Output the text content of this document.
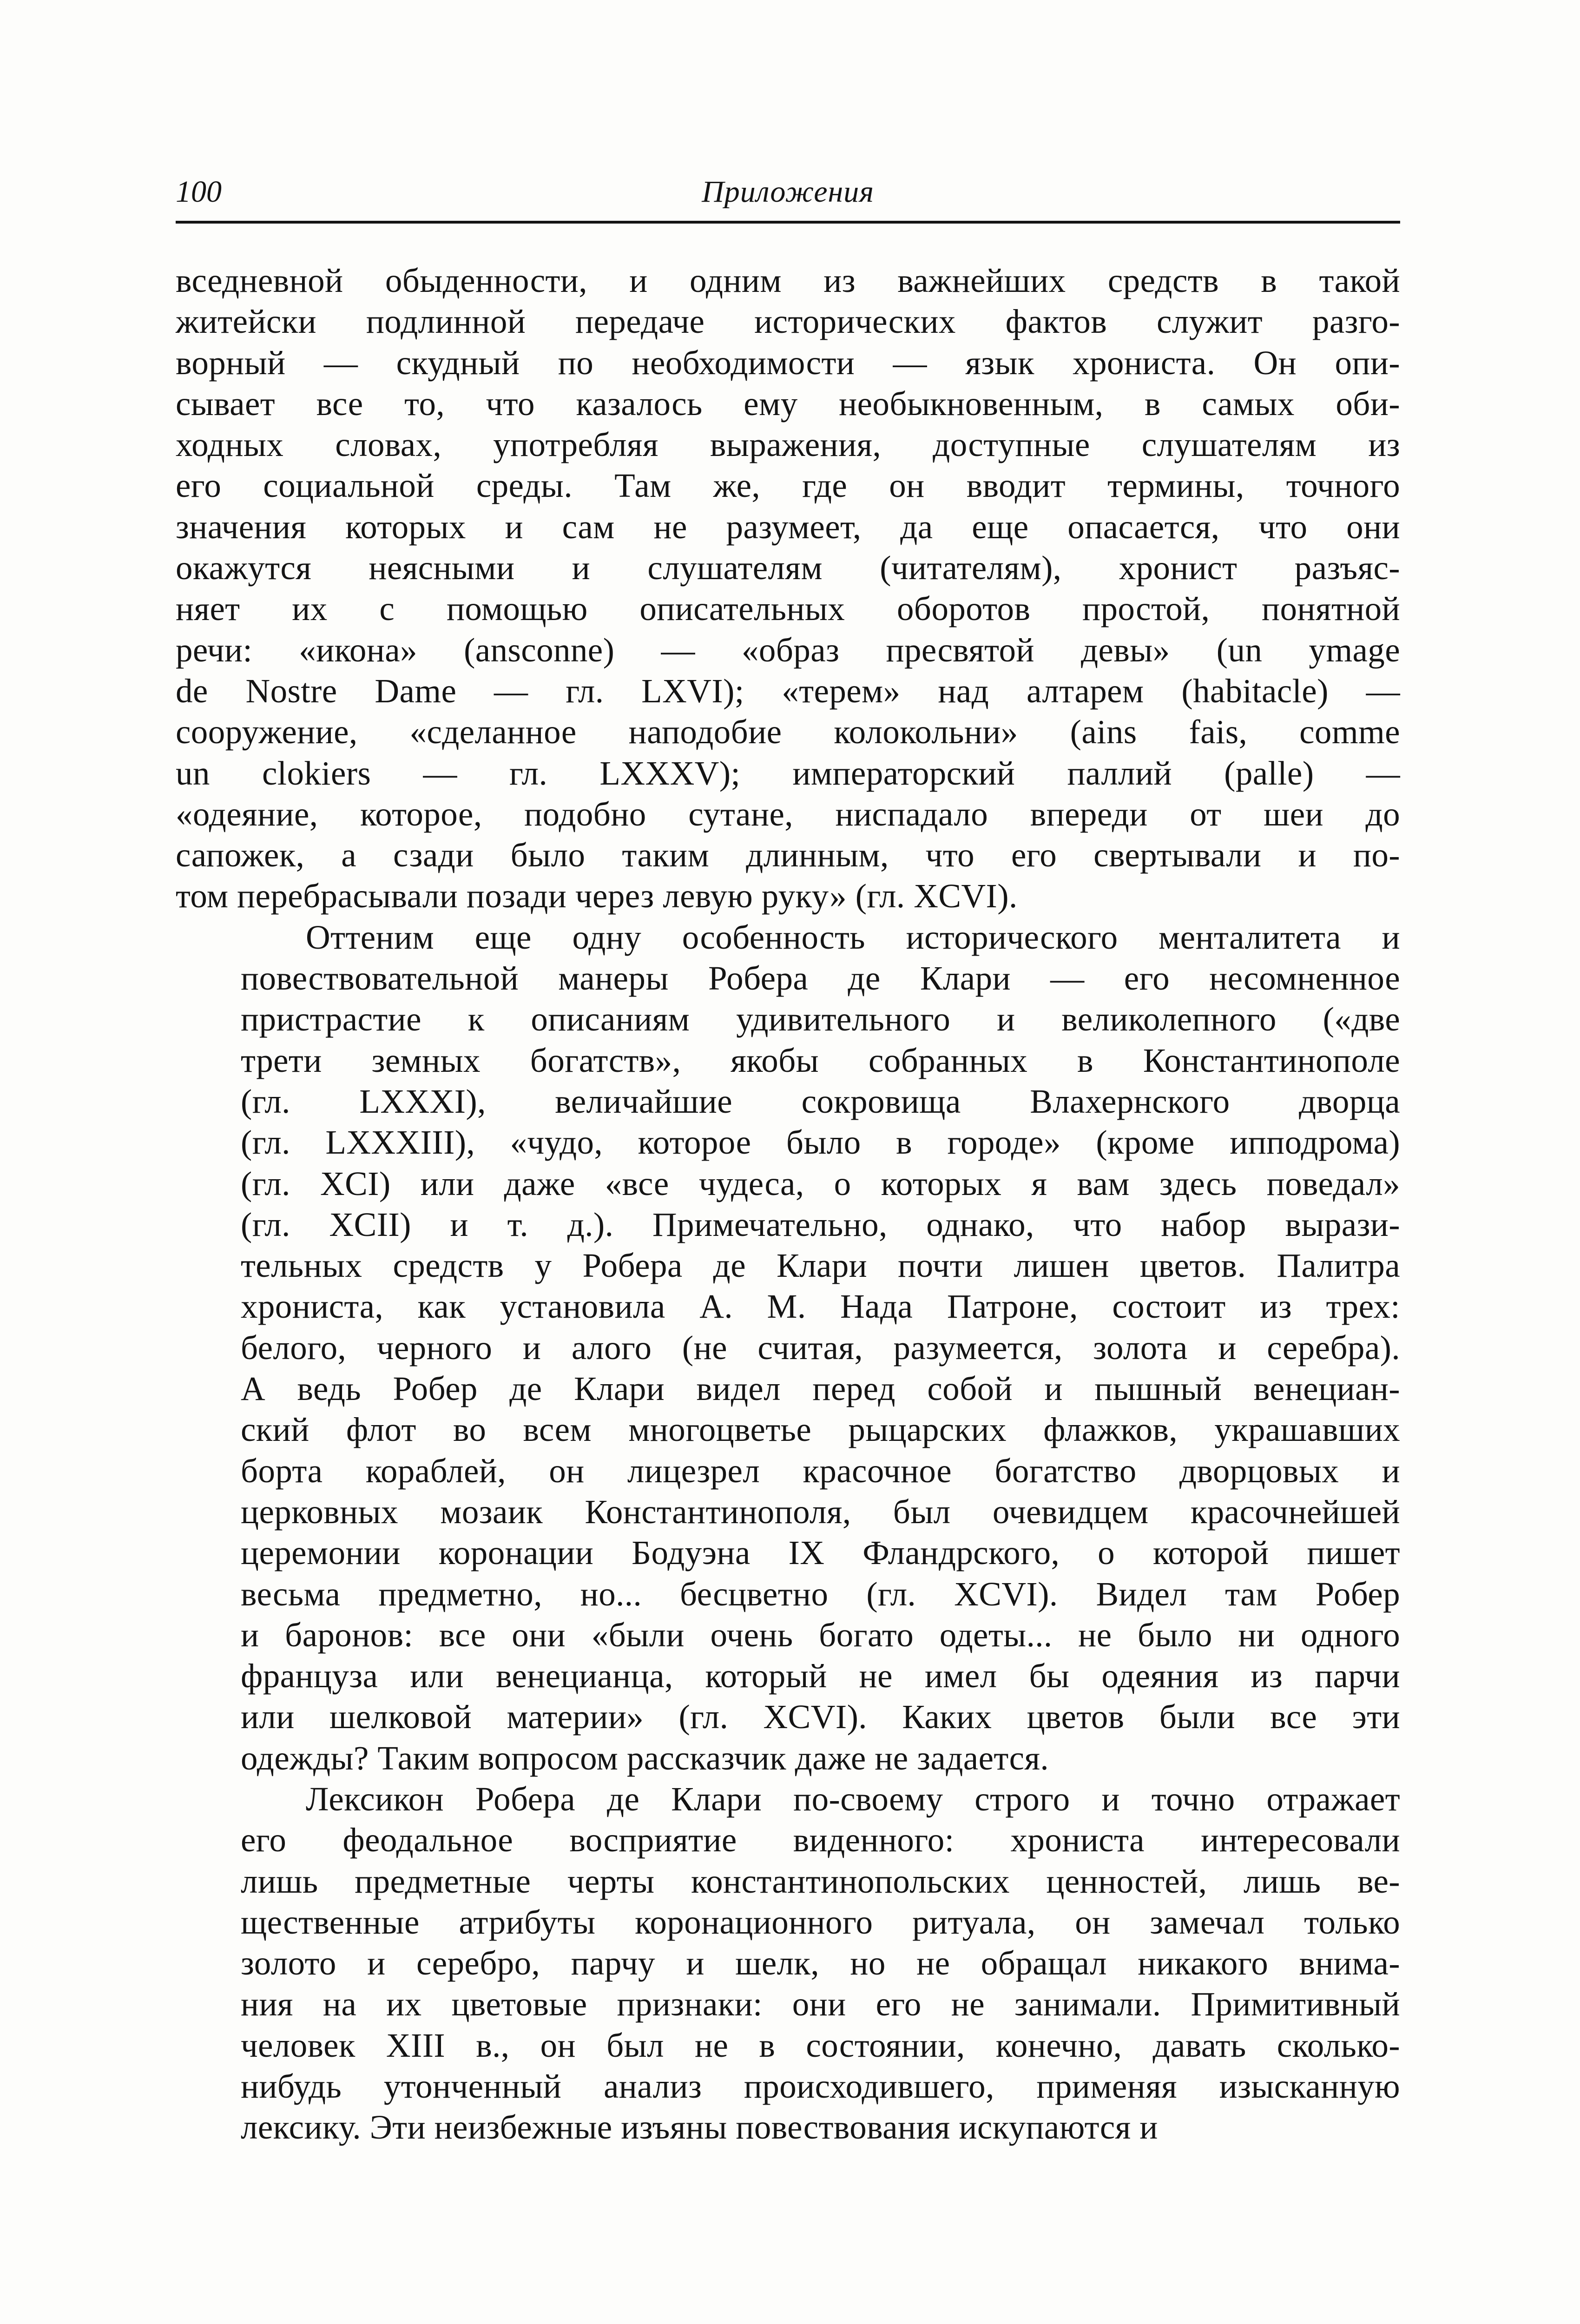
100	Приложения
вседневной обыденности, и одним из важнейших средств в такой
житейски подлинной передаче исторических фактов служит разго-
ворный — скудный по необходимости — язык хрониста. Он опи-
сывает все то, что казалось ему необыкновенным, в самых оби-
ходных словах, употребляя выражения, доступные слушателям из
его социальной среды. Там же, где он вводит термины, точного
значения которых и сам не разумеет, да еще опасается, что они
окажутся неясными и слушателям (читателям), хронист разъяс-
няет их с помощью описательных оборотов простой, понятной
речи: «икона» (ansconne) — «образ пресвятой девы» (un ymage
de Nostre Dame — гл. LXVI); «терем» над алтарем (habitacle) —
сооружение, «сделанное наподобие колокольни» (ains fais, comme
un clokiers — гл. LXXXV); императорский паллий (palle) —
«одеяние, которое, подобно сутане, ниспадало впереди от шеи до
сапожек, а сзади было таким длинным, что его свертывали и по-
том перебрасывали позади через левую руку» (гл. XCVI).
Оттеним еще одну особенность исторического менталитета и
повествовательной манеры Робера де Клари — его несомненное
пристрастие к описаниям удивительного и великолепного («две
трети земных богатств», якобы собранных в Константинополе
(гл. LXXXI), величайшие сокровища Влахернского дворца
(гл. LXXXIII), «чудо, которое было в городе» (кроме ипподрома)
(гл. XCI) или даже «все чудеса, о которых я вам здесь поведал»
(гл. XCII) и т. д.). Примечательно, однако, что набор вырази-
тельных средств у Робера де Клари почти лишен цветов. Палитра
хрониста, как установила А. М. Нада Патроне, состоит из трех:
белого, черного и алого (не считая, разумеется, золота и серебра).
А ведь Робер де Клари видел перед собой и пышный венециан-
ский флот во всем многоцветье рыцарских флажков, украшавших
борта кораблей, он лицезрел красочное богатство дворцовых и
церковных мозаик Константинополя, был очевидцем красочнейшей
церемонии коронации Бодуэна IX Фландрского, о которой пишет
весьма предметно, но... бесцветно (гл. XCVI). Видел там Робер
и баронов: все они «были очень богато одеты... не было ни одного
француза или венецианца, который не имел бы одеяния из парчи
или шелковой материи» (гл. XCVI). Каких цветов были все эти
одежды? Таким вопросом рассказчик даже не задается.
Лексикон Робера де Клари по-своему строго и точно отражает
его феодальное восприятие виденного: хрониста интересовали
лишь предметные черты константинопольских ценностей, лишь ве-
щественные атрибуты коронационного ритуала, он замечал только
золото и серебро, парчу и шелк, но не обращал никакого внима-
ния на их цветовые признаки: они его не занимали. Примитивный
человек XIII в., он был не в состоянии, конечно, давать сколько-
нибудь утонченный анализ происходившего, применяя изысканную
лексику. Эти неизбежные изъяны повествования искупаются и
